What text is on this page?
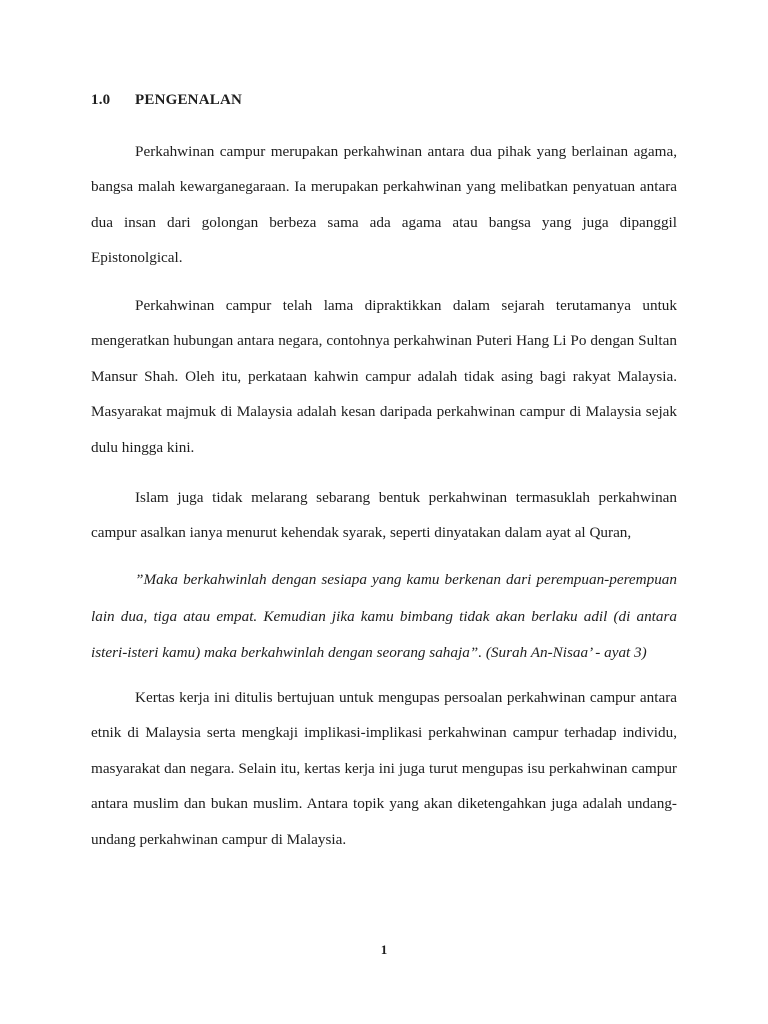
1.0 PENGENALAN

Perkahwinan campur merupakan perkahwinan antara dua pihak yang berlainan agama, bangsa malah kewarganegaraan. Ia merupakan perkahwinan yang melibatkan penyatuan antara dua insan dari golongan berbeza sama ada agama atau bangsa yang juga dipanggil Epistonolgical.

Perkahwinan campur telah lama dipraktikkan dalam sejarah terutamanya untuk mengeratkan hubungan antara negara, contohnya perkahwinan Puteri Hang Li Po dengan Sultan Mansur Shah. Oleh itu, perkataan kahwin campur adalah tidak asing bagi rakyat Malaysia. Masyarakat majmuk di Malaysia adalah kesan daripada perkahwinan campur di Malaysia sejak dulu hingga kini.

Islam juga tidak melarang sebarang bentuk perkahwinan termasuklah perkahwinan campur asalkan ianya menurut kehendak syarak, seperti dinyatakan dalam ayat al Quran,

”Maka berkahwinlah dengan sesiapa yang kamu berkenan dari perempuan-perempuan lain dua, tiga atau empat. Kemudian jika kamu bimbang tidak akan berlaku adil (di antara isteri-isteri kamu) maka berkahwinlah dengan seorang sahaja”. (Surah An-Nisaa’ - ayat 3)

Kertas kerja ini ditulis bertujuan untuk mengupas persoalan perkahwinan campur antara etnik di Malaysia serta mengkaji implikasi-implikasi perkahwinan campur terhadap individu, masyarakat dan negara. Selain itu, kertas kerja ini juga turut mengupas isu perkahwinan campur antara muslim dan bukan muslim. Antara topik yang akan diketengahkan juga adalah undang-undang perkahwinan campur di Malaysia.

1
